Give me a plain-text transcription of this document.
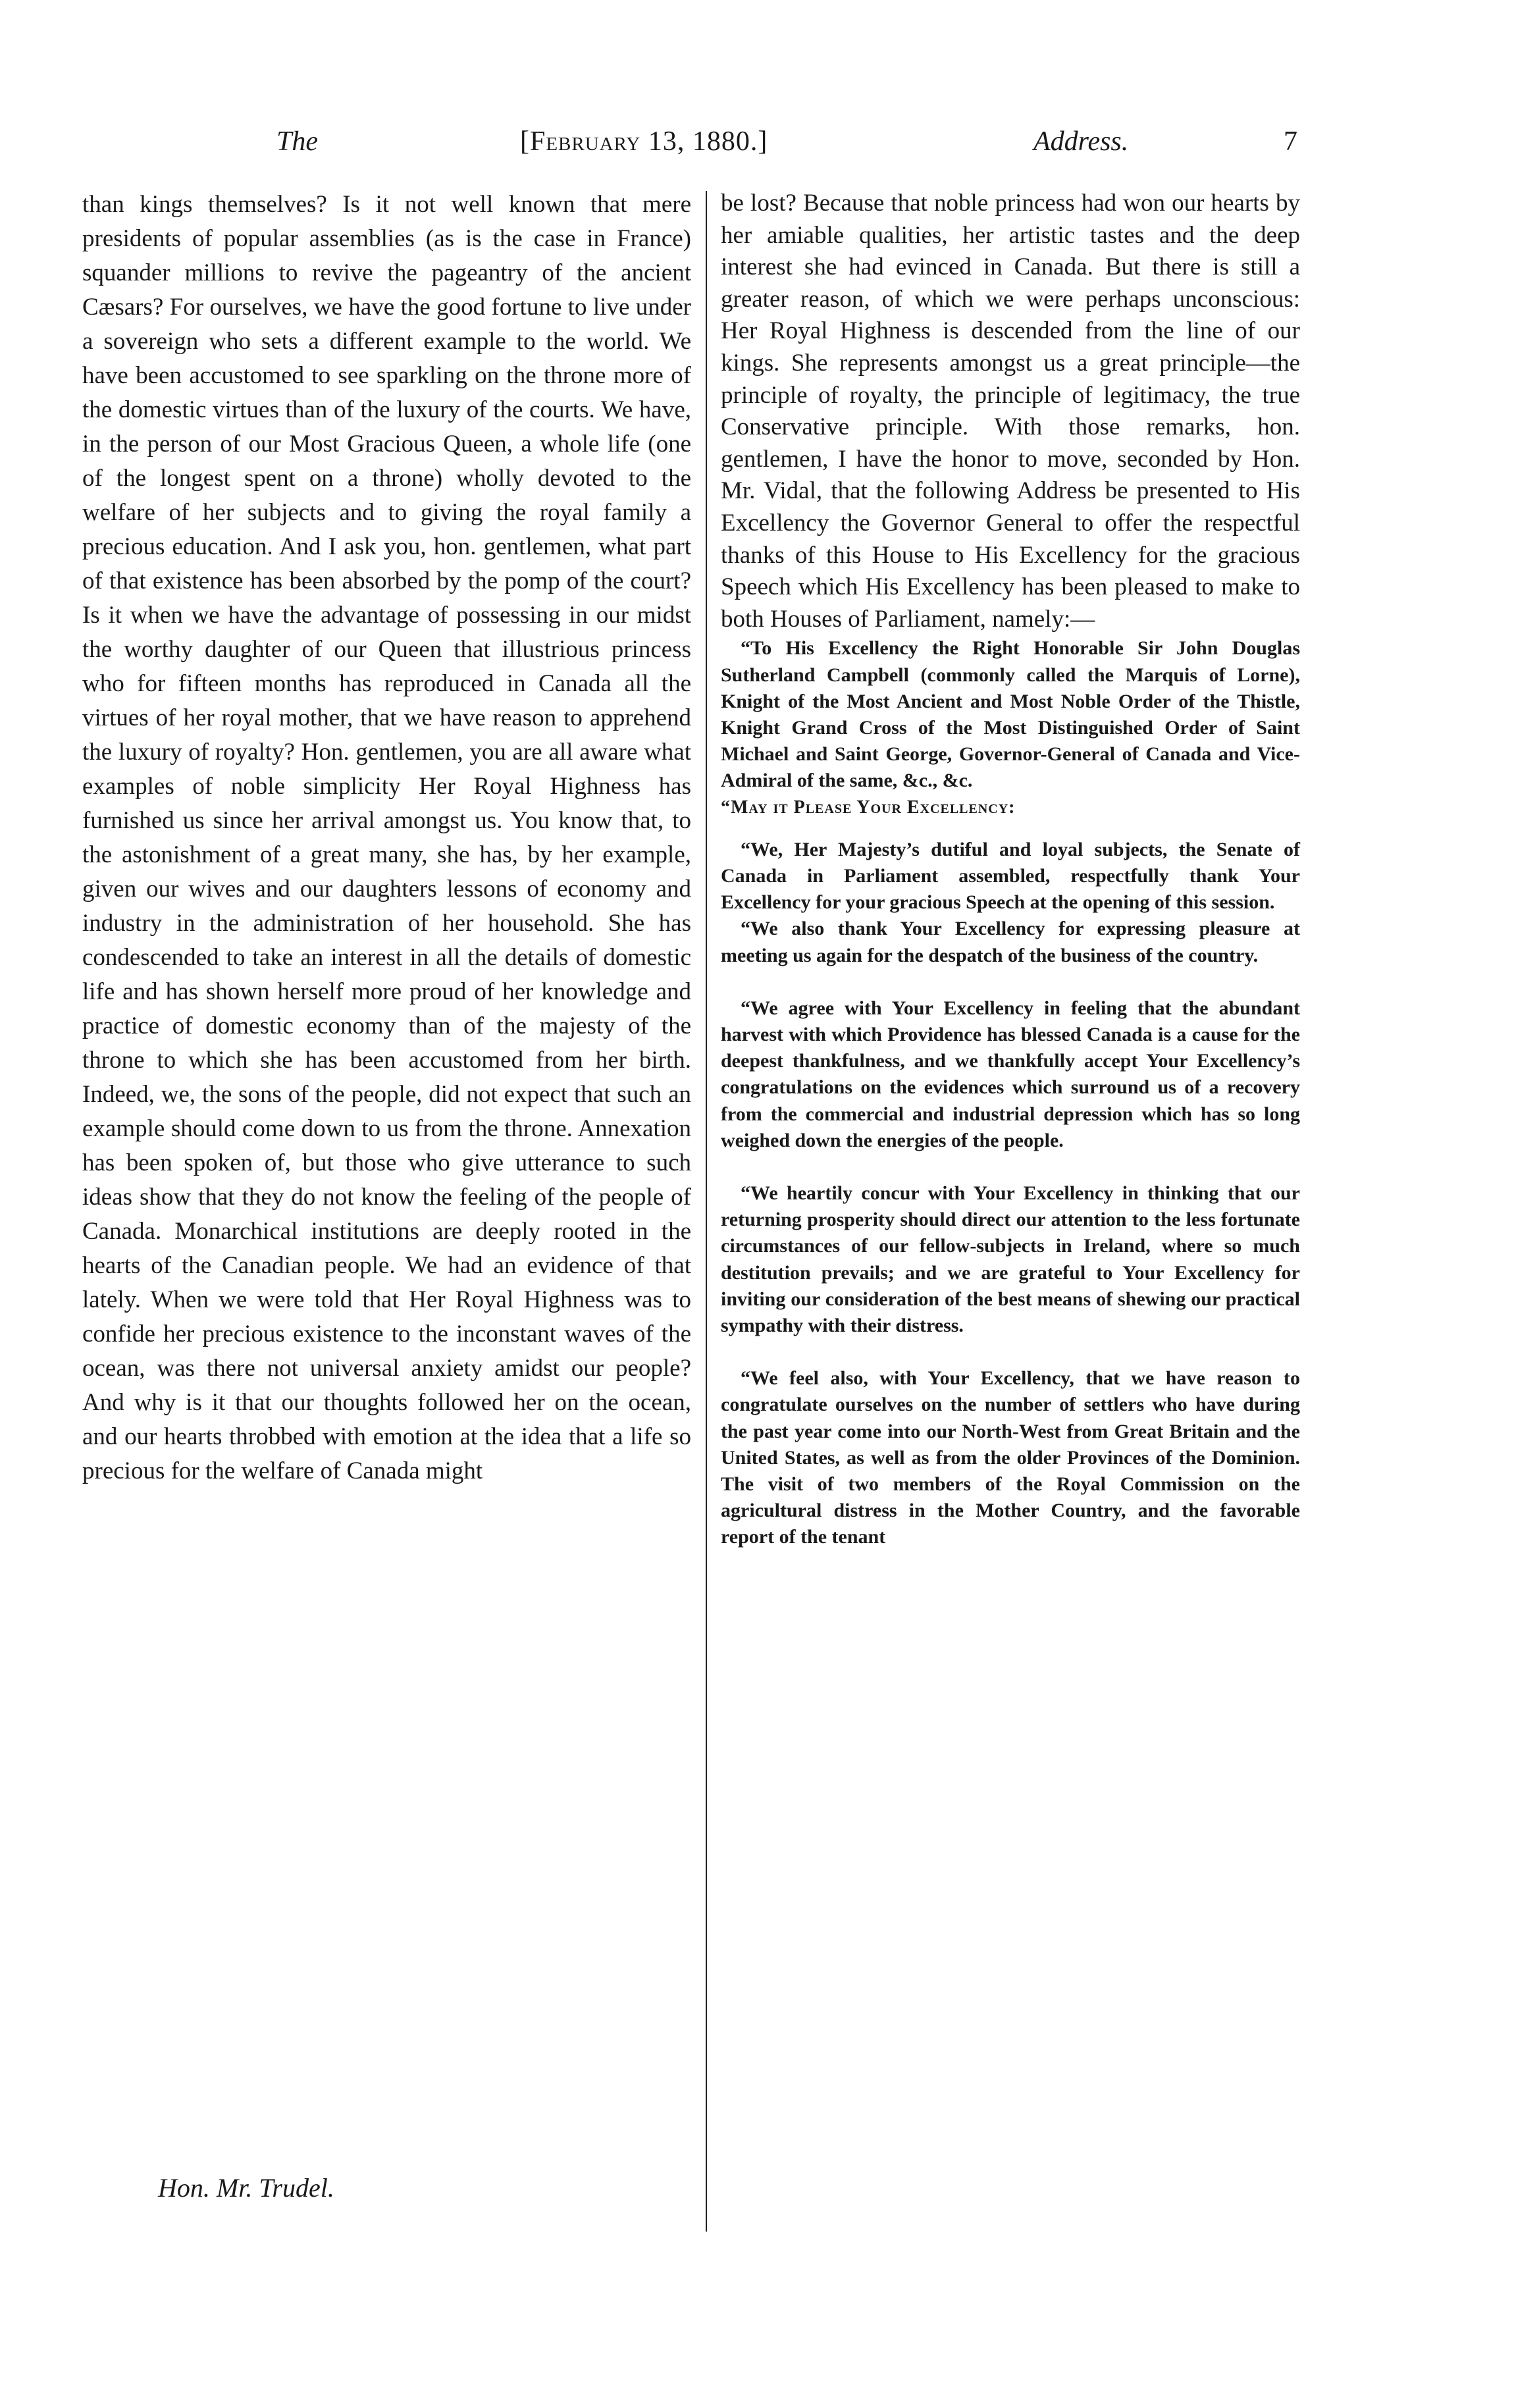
The	[February 13, 1880.]	Address.	7

than kings themselves? Is it not well known that mere presidents of popular assemblies (as is the case in France) squander millions to revive the pageantry of the ancient Cæsars? For ourselves, we have the good fortune to live under a sovereign who sets a different example to the world. We have been accustomed to see sparkling on the throne more of the domestic virtues than of the luxury of the courts. We have, in the person of our Most Gracious Queen, a whole life (one of the longest spent on a throne) wholly devoted to the welfare of her subjects and to giving the royal family a precious education. And I ask you, hon. gentlemen, what part of that existence has been absorbed by the pomp of the court? Is it when we have the advantage of possessing in our midst the worthy daughter of our Queen that illustrious princess who for fifteen months has reproduced in Canada all the virtues of her royal mother, that we have reason to apprehend the luxury of royalty? Hon. gentlemen, you are all aware what examples of noble simplicity Her Royal Highness has furnished us since her arrival amongst us. You know that, to the astonishment of a great many, she has, by her example, given our wives and our daughters lessons of economy and industry in the administration of her household. She has condescended to take an interest in all the details of domestic life and has shown herself more proud of her knowledge and practice of domestic economy than of the majesty of the throne to which she has been accustomed from her birth. Indeed, we, the sons of the people, did not expect that such an example should come down to us from the throne. Annexation has been spoken of, but those who give utterance to such ideas show that they do not know the feeling of the people of Canada. Monarchical institutions are deeply rooted in the hearts of the Canadian people. We had an evidence of that lately. When we were told that Her Royal Highness was to confide her precious existence to the inconstant waves of the ocean, was there not universal anxiety amidst our people? And why is it that our thoughts followed her on the ocean, and our hearts throbbed with emotion at the idea that a life so precious for the welfare of Canada might

be lost? Because that noble princess had won our hearts by her amiable qualities, her artistic tastes and the deep interest she had evinced in Canada. But there is still a greater reason, of which we were perhaps unconscious: Her Royal Highness is descended from the line of our kings. She represents amongst us a great principle—the principle of royalty, the principle of legitimacy, the true Conservative principle. With those remarks, hon. gentlemen, I have the honor to move, seconded by Hon. Mr. Vidal, that the following Address be presented to His Excellency the Governor General to offer the respectful thanks of this House to His Excellency for the gracious Speech which His Excellency has been pleased to make to both Houses of Parliament, namely:—

“To His Excellency the Right Honorable Sir John Douglas Sutherland Campbell (commonly called the Marquis of Lorne), Knight of the Most Ancient and Most Noble Order of the Thistle, Knight Grand Cross of the Most Distinguished Order of Saint Michael and Saint George, Governor-General of Canada and Vice-Admiral of the same, &c., &c.

“May it Please Your Excellency:

“We, Her Majesty’s dutiful and loyal subjects, the Senate of Canada in Parliament assembled, respectfully thank Your Excellency for your gracious Speech at the opening of this session.

“We also thank Your Excellency for expressing pleasure at meeting us again for the despatch of the business of the country.

“We agree with Your Excellency in feeling that the abundant harvest with which Providence has blessed Canada is a cause for the deepest thankfulness, and we thankfully accept Your Excellency’s congratulations on the evidences which surround us of a recovery from the commercial and industrial depression which has so long weighed down the energies of the people.

“We heartily concur with Your Excellency in thinking that our returning prosperity should direct our attention to the less fortunate circumstances of our fellow-subjects in Ireland, where so much destitution prevails; and we are grateful to Your Excellency for inviting our consideration of the best means of shewing our practical sympathy with their distress.

“We feel also, with Your Excellency, that we have reason to congratulate ourselves on the number of settlers who have during the past year come into our North-West from Great Britain and the United States, as well as from the older Provinces of the Dominion. The visit of two members of the Royal Commission on the agricultural distress in the Mother Country, and the favorable report of the tenant

Hon. Mr. Trudel.
